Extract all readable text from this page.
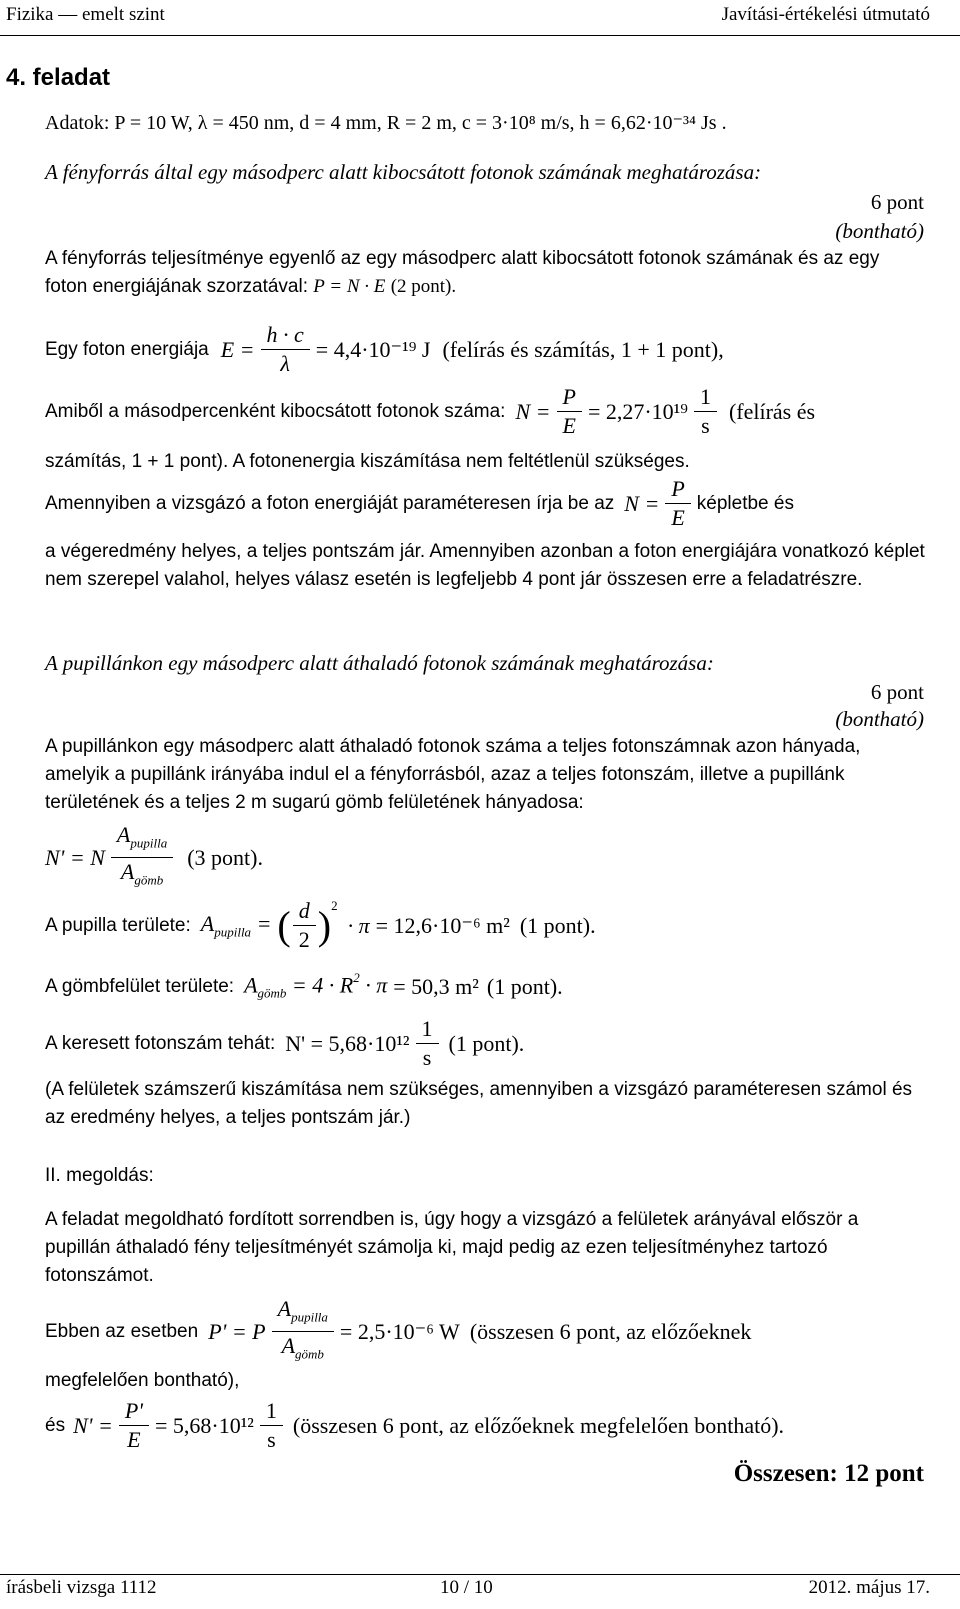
Fizika — emelt szint	Javítási-értékelési útmutató
4. feladat
Adatok: P = 10 W, λ = 450 nm, d = 4 mm, R = 2 m, c = 3·10⁸ m/s, h = 6,62·10⁻³⁴ Js .
A fényforrás által egy másodperc alatt kibocsátott fotonok számának meghatározása:
6 pont
(bontható)
A fényforrás teljesítménye egyenlő az egy másodperc alatt kibocsátott fotonok számának és az egy foton energiájának szorzatával: P = N · E (2 pont).
Egy foton energiája $E = \frac{h \cdot c}{\lambda} = 4,4\cdot 10^{-19}$ J (felírás és számítás, 1 + 1 pont),
Amiből a másodpercenként kibocsátott fotonok száma: $N = \frac{P}{E} = 2,27\cdot 10^{19} \frac{1}{s}$ (felírás és
számítás, 1 + 1 pont). A fotonenergia kiszámítása nem feltétlenül szükséges.
Amennyiben a vizsgázó a foton energiáját paraméteresen írja be az $N = \frac{P}{E}$ képletbe és
a végeredmény helyes, a teljes pontszám jár. Amennyiben azonban a foton energiájára vonatkozó képlet nem szerepel valahol, helyes válasz esetén is legfeljebb 4 pont jár összesen erre a feladatrészre.
A pupillánkon egy másodperc alatt áthaladó fotonok számának meghatározása:
6 pont
(bontható)
A pupillánkon egy másodperc alatt áthaladó fotonok száma a teljes fotonszámnak azon hányada, amelyik a pupillánk irányába indul el a fényforrásból, azaz a teljes fotonszám, illetve a pupillánk területének és a teljes 2 m sugarú gömb felületének hányadosa:
N' = N $\frac{A_{pupilla}}{A_{gömb}} (3$ pont).
A pupilla területe: $A_{pupilla}$ = ( $\frac{d}{2} )^2$
· π = 12,6·10⁻⁶ m² (1 pont).
A gömbfelület területe: $A_{gömb} = 4 \cdot R^2 \cdot \pi = 50,3$ m² (1 pont).
A keresett fotonszám tehát: $N' = 5,68\cdot 10^{12} \frac{1}{s} (1$ pont).
(A felületek számszerű kiszámítása nem szükséges, amennyiben a vizsgázó paraméteresen számol és az eredmény helyes, a teljes pontszám jár.)
II. megoldás:
A feladat megoldható fordított sorrendben is, úgy hogy a vizsgázó a felületek arányával először a pupillán áthaladó fény teljesítményét számolja ki, majd pedig az ezen teljesítményhez tartozó fotonszámot.
Ebben az esetben P' = P $\frac{A_{pupilla}}{A_{gömb}} = 2,5\cdot 10^{-6}$ W (összesen 6 pont, az előzőeknek
megfelelően bontható),
és $N' = \frac{P'}{E} = 5,68\cdot 10^{12} \frac{1}{s}$ (összesen 6 pont, az előzőeknek megfelelően bontható).
Összesen: 12 pont
írásbeli vizsga 1112	10 / 10	2012. május 17.
